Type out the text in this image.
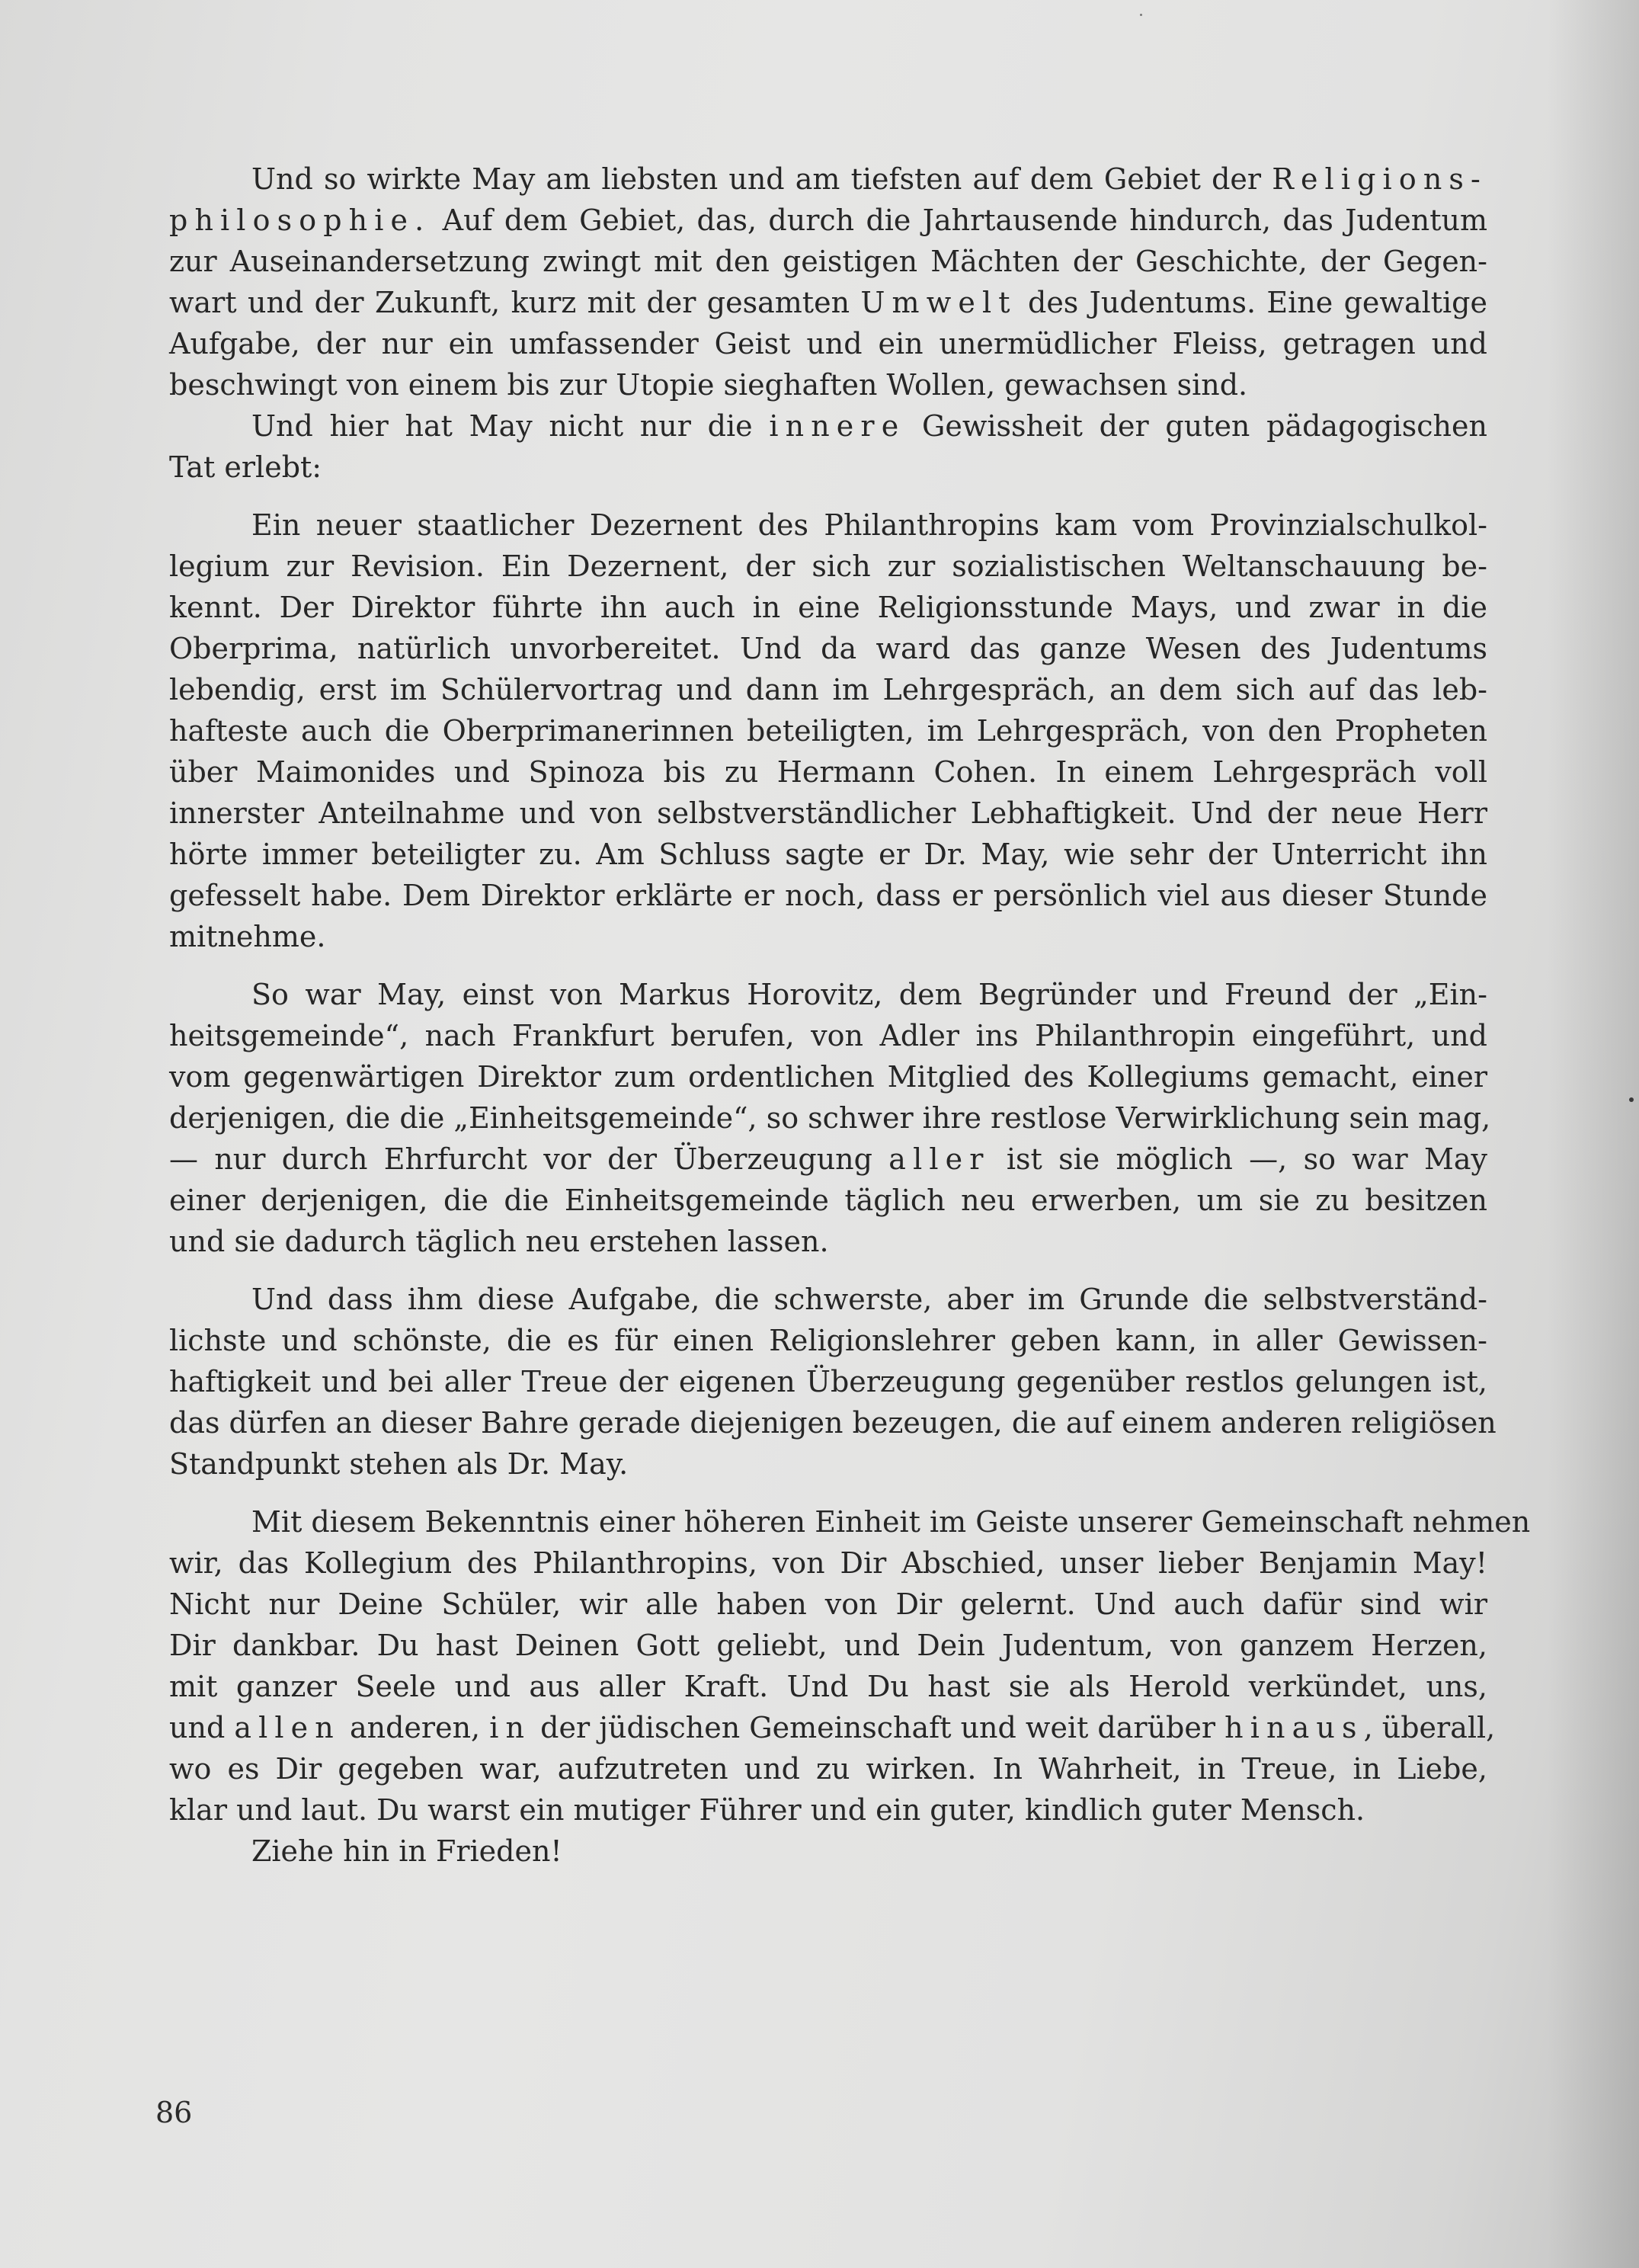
Und so wirkte May am liebsten und am tiefsten auf dem Gebiet der Religions-
philosophie. Auf dem Gebiet, das, durch die Jahrtausende hindurch, das Judentum
zur Auseinandersetzung zwingt mit den geistigen Mächten der Geschichte, der Gegen-
wart und der Zukunft, kurz mit der gesamten Umwelt des Judentums. Eine gewaltige
Aufgabe, der nur ein umfassender Geist und ein unermüdlicher Fleiss, getragen und
beschwingt von einem bis zur Utopie sieghaften Wollen, gewachsen sind.
Und hier hat May nicht nur die innere Gewissheit der guten pädagogischen
Tat erlebt:
Ein neuer staatlicher Dezernent des Philanthropins kam vom Provinzialschulkol-
legium zur Revision. Ein Dezernent, der sich zur sozialistischen Weltanschauung be-
kennt. Der Direktor führte ihn auch in eine Religionsstunde Mays, und zwar in die
Oberprima, natürlich unvorbereitet. Und da ward das ganze Wesen des Judentums
lebendig, erst im Schülervortrag und dann im Lehrgespräch, an dem sich auf das leb-
hafteste auch die Oberprimanerinnen beteiligten, im Lehrgespräch, von den Propheten
über Maimonides und Spinoza bis zu Hermann Cohen. In einem Lehrgespräch voll
innerster Anteilnahme und von selbstverständlicher Lebhaftigkeit. Und der neue Herr
hörte immer beteiligter zu. Am Schluss sagte er Dr. May, wie sehr der Unterricht ihn
gefesselt habe. Dem Direktor erklärte er noch, dass er persönlich viel aus dieser Stunde
mitnehme.
So war May, einst von Markus Horovitz, dem Begründer und Freund der „Ein-
heitsgemeinde“, nach Frankfurt berufen, von Adler ins Philanthropin eingeführt, und
vom gegenwärtigen Direktor zum ordentlichen Mitglied des Kollegiums gemacht, einer
derjenigen, die die „Einheitsgemeinde“, so schwer ihre restlose Verwirklichung sein mag,
— nur durch Ehrfurcht vor der Überzeugung aller ist sie möglich —, so war May
einer derjenigen, die die Einheitsgemeinde täglich neu erwerben, um sie zu besitzen
und sie dadurch täglich neu erstehen lassen.
Und dass ihm diese Aufgabe, die schwerste, aber im Grunde die selbstverständ-
lichste und schönste, die es für einen Religionslehrer geben kann, in aller Gewissen-
haftigkeit und bei aller Treue der eigenen Überzeugung gegenüber restlos gelungen ist,
das dürfen an dieser Bahre gerade diejenigen bezeugen, die auf einem anderen religiösen
Standpunkt stehen als Dr. May.
Mit diesem Bekenntnis einer höheren Einheit im Geiste unserer Gemeinschaft nehmen
wir, das Kollegium des Philanthropins, von Dir Abschied, unser lieber Benjamin May!
Nicht nur Deine Schüler, wir alle haben von Dir gelernt. Und auch dafür sind wir
Dir dankbar. Du hast Deinen Gott geliebt, und Dein Judentum, von ganzem Herzen,
mit ganzer Seele und aus aller Kraft. Und Du hast sie als Herold verkündet, uns,
und allen anderen, in der jüdischen Gemeinschaft und weit darüber hinaus, überall,
wo es Dir gegeben war, aufzutreten und zu wirken. In Wahrheit, in Treue, in Liebe,
klar und laut. Du warst ein mutiger Führer und ein guter, kindlich guter Mensch.
Ziehe hin in Frieden!
86
